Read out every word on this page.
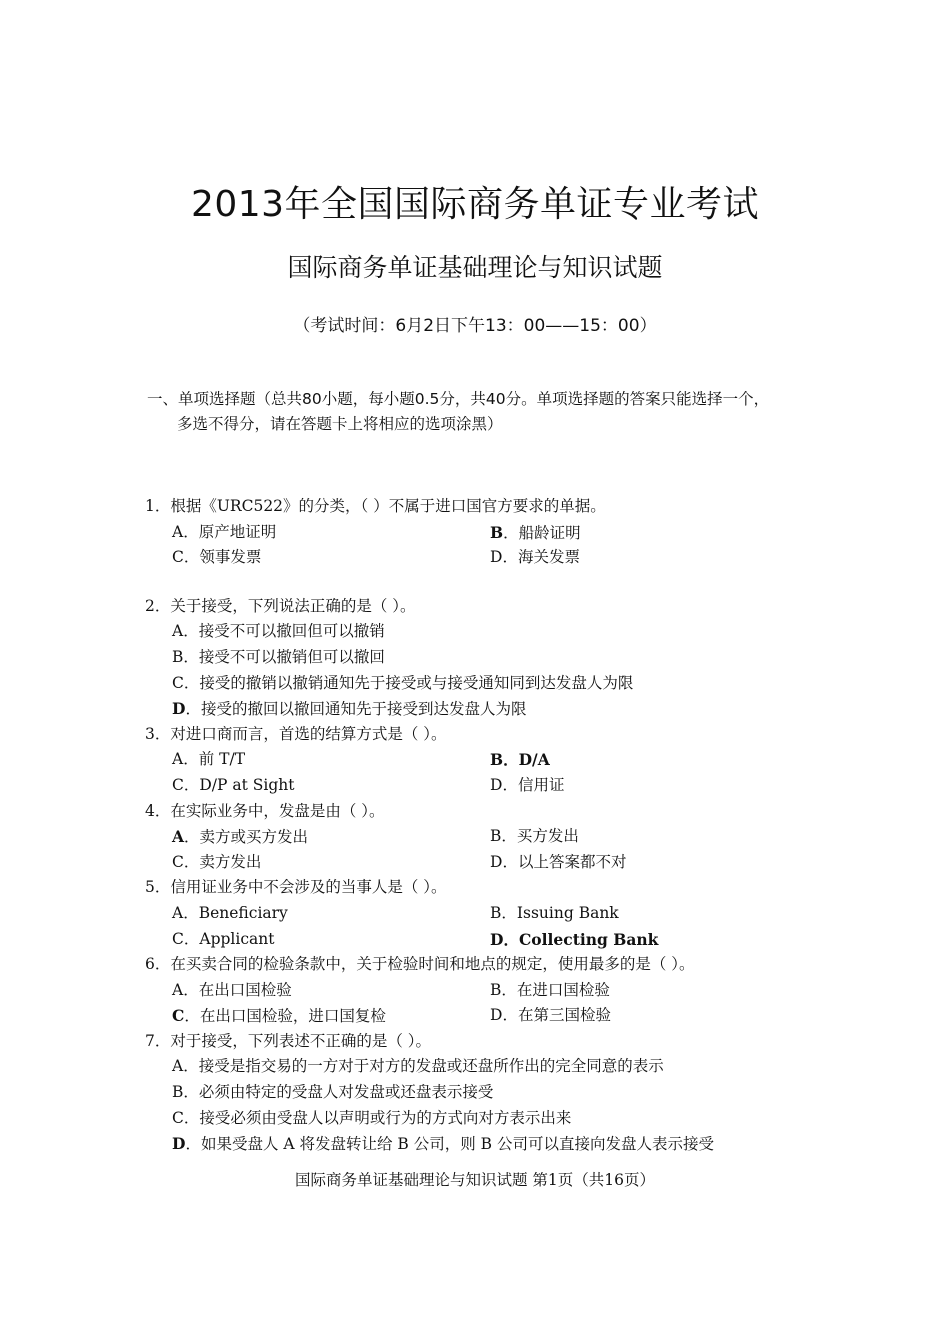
2013年全国国际商务单证专业考试
国际商务单证基础理论与知识试题
（考试时间：6月2日下午13：00——15：00）
一、单项选择题（总共80小题，每小题0.5分，共40分。单项选择题的答案只能选择一个，
多选不得分，请在答题卡上将相应的选项涂黑）
1．根据《URC522》的分类，（ ）不属于进口国官方要求的单据。
A．原产地证明	B．船龄证明
C．领事发票	D．海关发票
2．关于接受，下列说法正确的是（ ）。
A．接受不可以撤回但可以撤销
B．接受不可以撤销但可以撤回
C．接受的撤销以撤销通知先于接受或与接受通知同到达发盘人为限
D．接受的撤回以撤回通知先于接受到达发盘人为限
3．对进口商而言，首选的结算方式是（ ）。
A．前 T/T	B．D/A
C．D/P at Sight	D．信用证
4．在实际业务中，发盘是由（ ）。
A．卖方或买方发出	B．买方发出
C．卖方发出	D．以上答案都不对
5．信用证业务中不会涉及的当事人是（ ）。
A．Beneficiary	B．Issuing Bank
C．Applicant	D．Collecting Bank
6．在买卖合同的检验条款中，关于检验时间和地点的规定，使用最多的是（ ）。
A．在出口国检验	B．在进口国检验
C．在出口国检验，进口国复检	D．在第三国检验
7．对于接受，下列表述不正确的是（ ）。
A．接受是指交易的一方对于对方的发盘或还盘所作出的完全同意的表示
B．必须由特定的受盘人对发盘或还盘表示接受
C．接受必须由受盘人以声明或行为的方式向对方表示出来
D．如果受盘人 A 将发盘转让给 B 公司，则 B 公司可以直接向发盘人表示接受
国际商务单证基础理论与知识试题 第1页（共16页）
